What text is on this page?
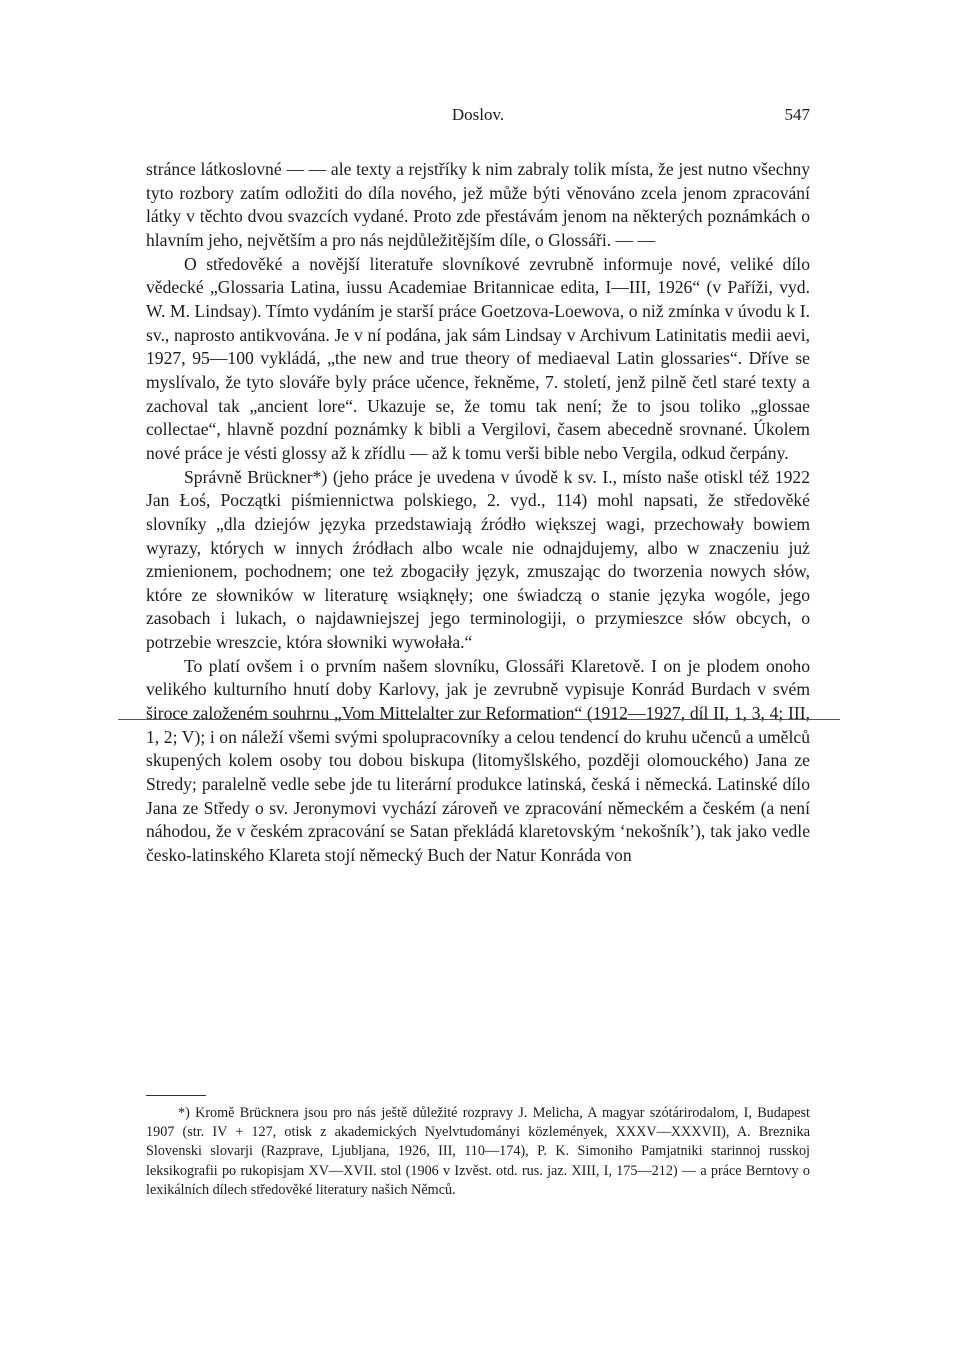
Doslov.	547

stránce látkoslovné — — ale texty a rejstříky k nim zabraly tolik místa, že jest nutno všechny tyto rozbory zatím odložiti do díla nového, jež může býti věnováno zcela jenom zpracování látky v těchto dvou svazcích vydané. Proto zde přestávám jenom na některých poznámkách o hlavním jeho, největším a pro nás nejdůležitějším díle, o Glossáři. — —

O středověké a novější literatuře slovníkové zevrubně informuje nové, veliké dílo vědecké „Glossaria Latina, iussu Academiae Britannicae edita, I—III, 1926“ (v Paříži, vyd. W. M. Lindsay). Tímto vydáním je starší práce Goetzova-Loewova, o niž zmínka v úvodu k I. sv., naprosto antikvována. Je v ní podána, jak sám Lindsay v Archivum Latinitatis medii aevi, 1927, 95—100 vykládá, „the new and true theory of mediaeval Latin glossaries“. Dříve se myslívalo, že tyto slováře byly práce učence, řekněme, 7. století, jenž pilně četl staré texty a zachoval tak „ancient lore“. Ukazuje se, že tomu tak není; že to jsou toliko „glossae collectae“, hlavně pozdní poznámky k bibli a Vergilovi, časem abecedně srovnané. Úkolem nové práce je vésti glossy až k zřídlu — až k tomu verši bible nebo Vergila, odkud čerpány.

Správně Brückner*) (jeho práce je uvedena v úvodě k sv. I., místo naše otiskl též 1922 Jan Łoś, Początki piśmiennictwa polskiego, 2. vyd., 114) mohl napsati, že středověké slovníky „dla dziejów języka przedstawiają źródło większej wagi, przechowały bowiem wyrazy, których w innych źródłach albo wcale nie odnajdujemy, albo w znaczeniu już zmienionem, pochodnem; one też zbogaciły język, zmuszając do tworzenia nowych słów, które ze słowników w literaturę wsiąknęły; one świadczą o stanie języka wogóle, jego zasobach i lukach, o najdawniejszej jego terminologiji, o przymieszce słów obcych, o potrzebie wreszcie, która słowniki wywołała.“

To platí ovšem i o prvním našem slovníku, Glossáři Klaretově. I on je plodem onoho velikého kulturního hnutí doby Karlovy, jak je zevrubně vypisuje Konrád Burdach v svém široce založeném souhrnu „Vom Mittelalter zur Reformation“ (1912—1927, díl II, 1, 3, 4; III, 1, 2; V); i on náleží všemi svými spolupracovníky a celou tendencí do kruhu učenců a umělců skupených kolem osoby tou dobou biskupa (litomyšlského, později olomouckého) Jana ze Stredy; paralelně vedle sebe jde tu literární produkce latinská, česká i německá. Latinské dílo Jana ze Středy o sv. Jeronymovi vychází zároveň ve zpracování německém a českém (a není náhodou, že v českém zpracování se Satan překládá klaretovským ‘nekošník’), tak jako vedle česko-latinského Klareta stojí německý Buch der Natur Konráda von

*) Kromě Brücknera jsou pro nás ještě důležité rozpravy J. Melicha, A magyar szótárirodalom, I, Budapest 1907 (str. IV + 127, otisk z akademických Nyelvtudományi közlemények, XXXV—XXXVII), A. Breznika Slovenski slovarji (Razprave, Ljubljana, 1926, III, 110—174), P. K. Simoniho Pamjatniki starinnoj russkoj leksikografii po rukopisjam XV—XVII. stol (1906 v Izvěst. otd. rus. jaz. XIII, I, 175—212) — a práce Berntovy o lexikálních dílech středověké literatury našich Němců.
